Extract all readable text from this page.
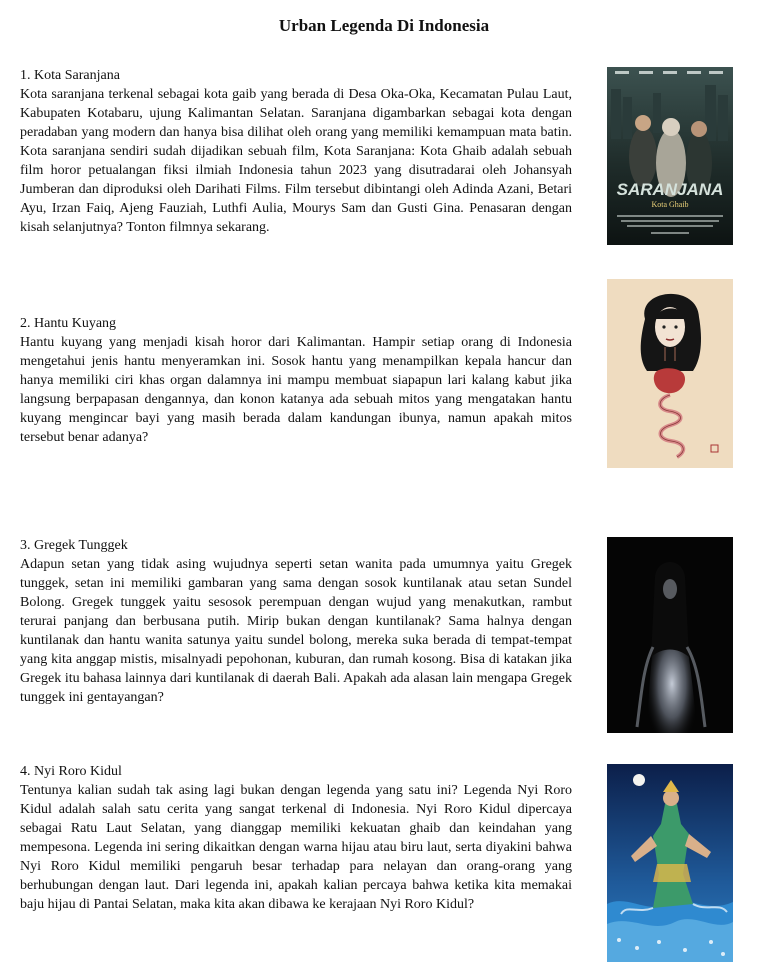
Urban Legenda Di Indonesia
1. Kota Saranjana

Kota saranjana terkenal sebagai kota gaib yang berada di Desa Oka-Oka, Kecamatan Pulau Laut, Kabupaten Kotabaru, ujung Kalimantan Selatan. Saranjana digambarkan sebagai kota dengan peradaban yang modern dan hanya bisa dilihat oleh orang yang memiliki kemampuan mata batin. Kota saranjana sendiri sudah dijadikan sebuah film, Kota Saranjana: Kota Ghaib adalah sebuah film horor petualangan fiksi ilmiah Indonesia tahun 2023 yang disutradarai oleh Johansyah Jumberan dan diproduksi oleh Darihati Films. Film tersebut dibintangi oleh Adinda Azani, Betari Ayu, Irzan Faiq, Ajeng Fauziah, Luthfi Aulia, Mourys Sam dan Gusti Gina. Penasaran dengan kisah selanjutnya? Tonton filmnya sekarang.

SARANJANA
Kota Ghaib
2. Hantu Kuyang

Hantu kuyang yang menjadi kisah horor dari Kalimantan. Hampir setiap orang di Indonesia mengetahui jenis hantu menyeramkan ini. Sosok hantu yang menampilkan kepala hancur dan hanya memiliki ciri khas organ dalamnya ini mampu membuat siapapun lari kalang kabut jika langsung berpapasan dengannya, dan konon katanya ada sebuah mitos yang mengatakan hantu kuyang mengincar bayi yang masih berada dalam kandungan ibunya, namun apakah mitos tersebut benar adanya?

3. Gregek Tunggek

Adapun setan yang tidak asing wujudnya seperti setan wanita pada umumnya yaitu Gregek tunggek, setan ini memiliki gambaran yang sama dengan sosok kuntilanak atau setan Sundel Bolong. Gregek tunggek yaitu sesosok perempuan dengan wujud yang menakutkan, rambut terurai panjang dan berbusana putih. Mirip bukan dengan kuntilanak? Sama halnya dengan kuntilanak dan hantu wanita satunya yaitu sundel bolong, mereka suka berada di tempat-tempat yang kita anggap mistis, misalnyadi pepohonan, kuburan, dan rumah kosong. Bisa di katakan jika Gregek itu bahasa lainnya dari kuntilanak di daerah Bali. Apakah ada alasan lain mengapa Gregek tunggek ini gentayangan?

4. Nyi Roro Kidul

Tentunya kalian sudah tak asing lagi bukan dengan legenda yang satu ini? Legenda Nyi Roro Kidul adalah salah satu cerita yang sangat terkenal di Indonesia. Nyi Roro Kidul dipercaya sebagai Ratu Laut Selatan, yang dianggap memiliki kekuatan ghaib dan keindahan yang mempesona. Legenda ini sering dikaitkan dengan warna hijau atau biru laut, serta diyakini bahwa Nyi Roro Kidul memiliki pengaruh besar terhadap para nelayan dan orang-orang yang berhubungan dengan laut. Dari legenda ini, apakah kalian percaya bahwa ketika kita memakai baju hijau di Pantai Selatan, maka kita akan dibawa ke kerajaan Nyi Roro Kidul?
